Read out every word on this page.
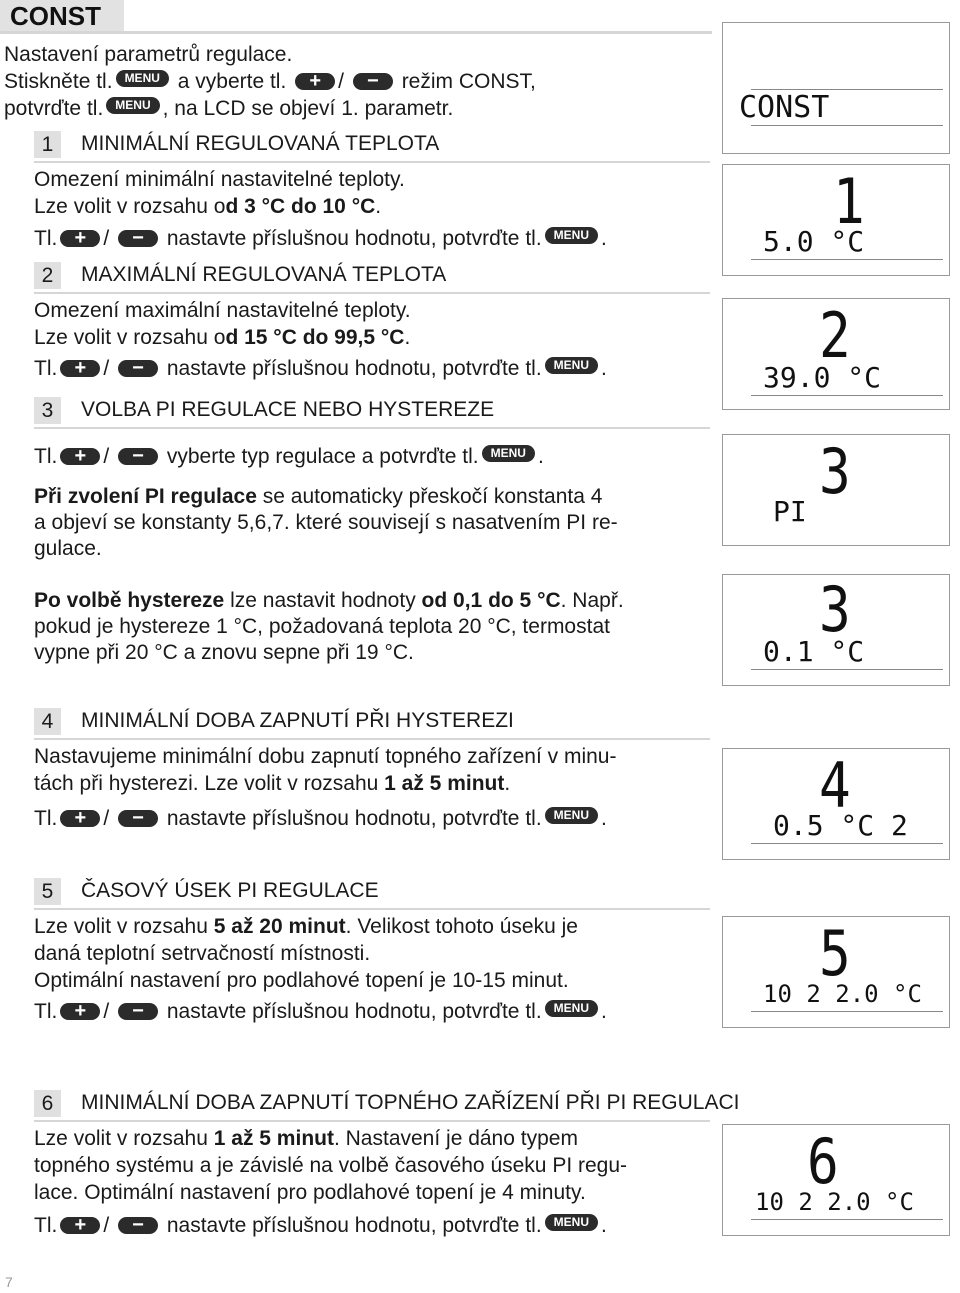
CONST
Nastavení parametrů regulace.
Stiskněte tl. MENU a vyberte tl. + / − režim CONST,
potvrďte tl. MENU , na LCD se objeví 1. parametr.
1 MINIMÁLNÍ REGULOVANÁ TEPLOTA
Omezení minimální nastavitelné teploty.
Lze volit v rozsahu od 3 °C do 10 °C.
Tl. + / − nastavte příslušnou hodnotu, potvrďte tl. MENU .
2 MAXIMÁLNÍ REGULOVANÁ TEPLOTA
Omezení maximální nastavitelné teploty.
Lze volit v rozsahu od 15 °C do 99,5 °C.
Tl. + / − nastavte příslušnou hodnotu, potvrďte tl. MENU .
3 VOLBA PI REGULACE NEBO HYSTEREZE
Tl. + / − vyberte typ regulace a potvrďte tl. MENU .
Při zvolení PI regulace se automaticky přeskočí konstanta 4
a objeví se konstanty 5,6,7. které souvisejí s nasatvením PI re-
gulace.
Po volbě hystereze lze nastavit hodnoty od 0,1 do 5 °C. Např.
pokud je hystereze 1 °C, požadovaná teplota 20 °C, termostat
vypne při 20 °C a znovu sepne při 19 °C.
4 MINIMÁLNÍ DOBA ZAPNUTÍ PŘI HYSTEREZI
Nastavujeme minimální dobu zapnutí topného zařízení v minu-
tách při hysterezi. Lze volit v rozsahu 1 až 5 minut.
Tl. + / − nastavte příslušnou hodnotu, potvrďte tl. MENU .
5 ČASOVÝ ÚSEK PI REGULACE
Lze volit v rozsahu 5 až 20 minut. Velikost tohoto úseku je
daná teplotní setrvačností místnosti.
Optimální nastavení pro podlahové topení je 10-15 minut.
Tl. + / − nastavte příslušnou hodnotu, potvrďte tl. MENU .
6 MINIMÁLNÍ DOBA ZAPNUTÍ TOPNÉHO ZAŘÍZENÍ PŘI PI REGULACI
Lze volit v rozsahu 1 až 5 minut. Nastavení je dáno typem
topného systému a je závislé na volbě časového úseku PI regu-
lace. Optimální nastavení pro podlahové topení je 4 minuty.
Tl. + / − nastavte příslušnou hodnotu, potvrďte tl. MENU .
CONST
1
5.0 °C
2
39.0 °C
3
PI
3
0.1 °C
4
0.5 °C 2
5
10 2 2.0 °C
6
10 2 2.0 °C
7
